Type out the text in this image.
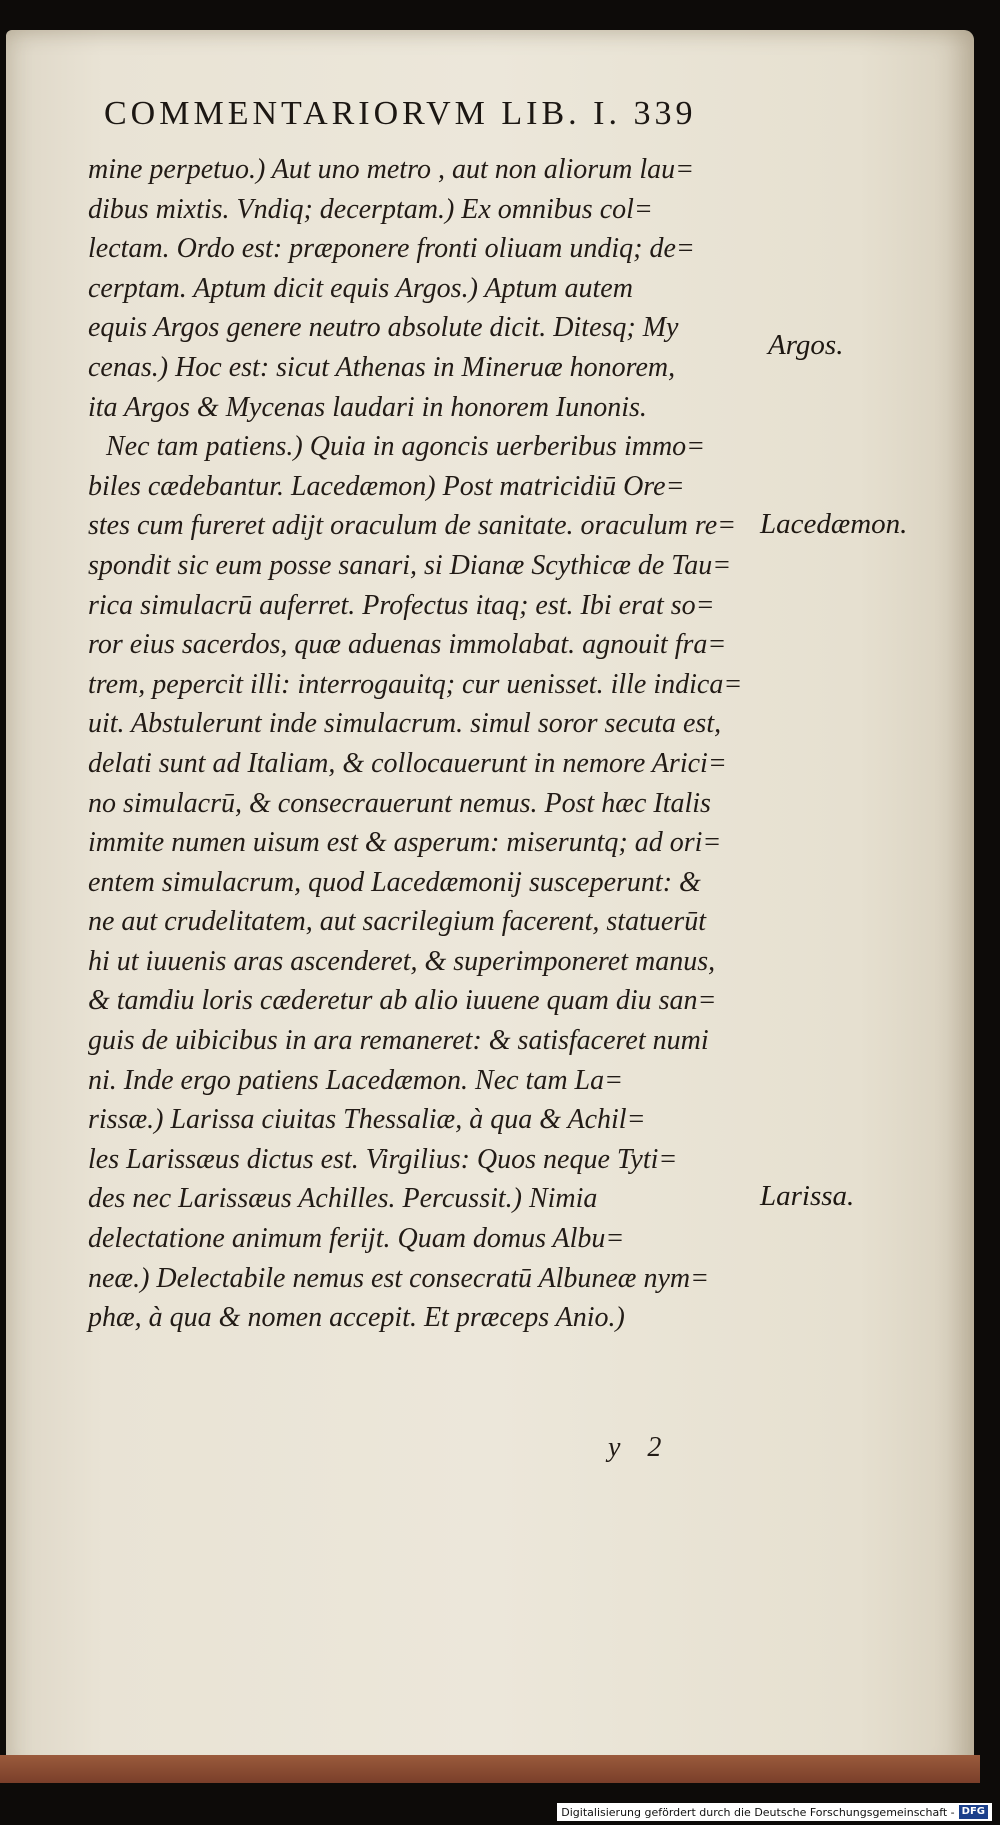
COMMENTARIORVM LIB. I. 339
mine perpetuo.) Aut uno metro , aut non aliorum lau=
dibus mixtis. Vndiq; decerptam.) Ex omnibus col=
lectam. Ordo est: præponere fronti oliuam undiq; de=
cerptam. Aptum dicit equis Argos.) Aptum autem
equis Argos genere neutro absolute dicit. Ditesq; My
cenas.) Hoc est: sicut Athenas in Mineruæ honorem,
ita Argos & Mycenas laudari in honorem Iunonis.
Nec tam patiens.) Quia in agoncis uerberibus immo=
biles cædebantur. Lacedæmon) Post matricidiū Ore=
stes cum fureret adijt oraculum de sanitate. oraculum re=
spondit sic eum posse sanari, si Dianæ Scythicæ de Tau=
rica simulacrū auferret. Profectus itaq; est. Ibi erat so=
ror eius sacerdos, quæ aduenas immolabat. agnouit fra=
trem, pepercit illi: interrogauitq; cur uenisset. ille indica=
uit. Abstulerunt inde simulacrum. simul soror secuta est,
delati sunt ad Italiam, & collocauerunt in nemore Arici=
no simulacrū, & consecrauerunt nemus. Post hæc Italis
immite numen uisum est & asperum: miseruntq; ad ori=
entem simulacrum, quod Lacedæmonij susceperunt: &
ne aut crudelitatem, aut sacrilegium facerent, statuerūt
hi ut iuuenis aras ascenderet, & superimponeret manus,
& tamdiu loris cæderetur ab alio iuuene quam diu san=
guis de uibicibus in ara remaneret: & satisfaceret numi
ni. Inde ergo patiens Lacedæmon. Nec tam La=
rissæ.) Larissa ciuitas Thessaliæ, à qua & Achil=
les Larissæus dictus est. Virgilius: Quos neque Tyti=
des nec Larissæus Achilles. Percussit.) Nimia
delectatione animum ferijt. Quam domus Albu=
neæ.) Delectabile nemus est consecratū Albuneæ nym=
phæ, à qua & nomen accepit. Et præceps Anio.)
Argos.
Lacedæmon.
Larissa.
y 2
Digitalisierung gefördert durch die Deutsche Forschungsgemeinschaft - DFG
